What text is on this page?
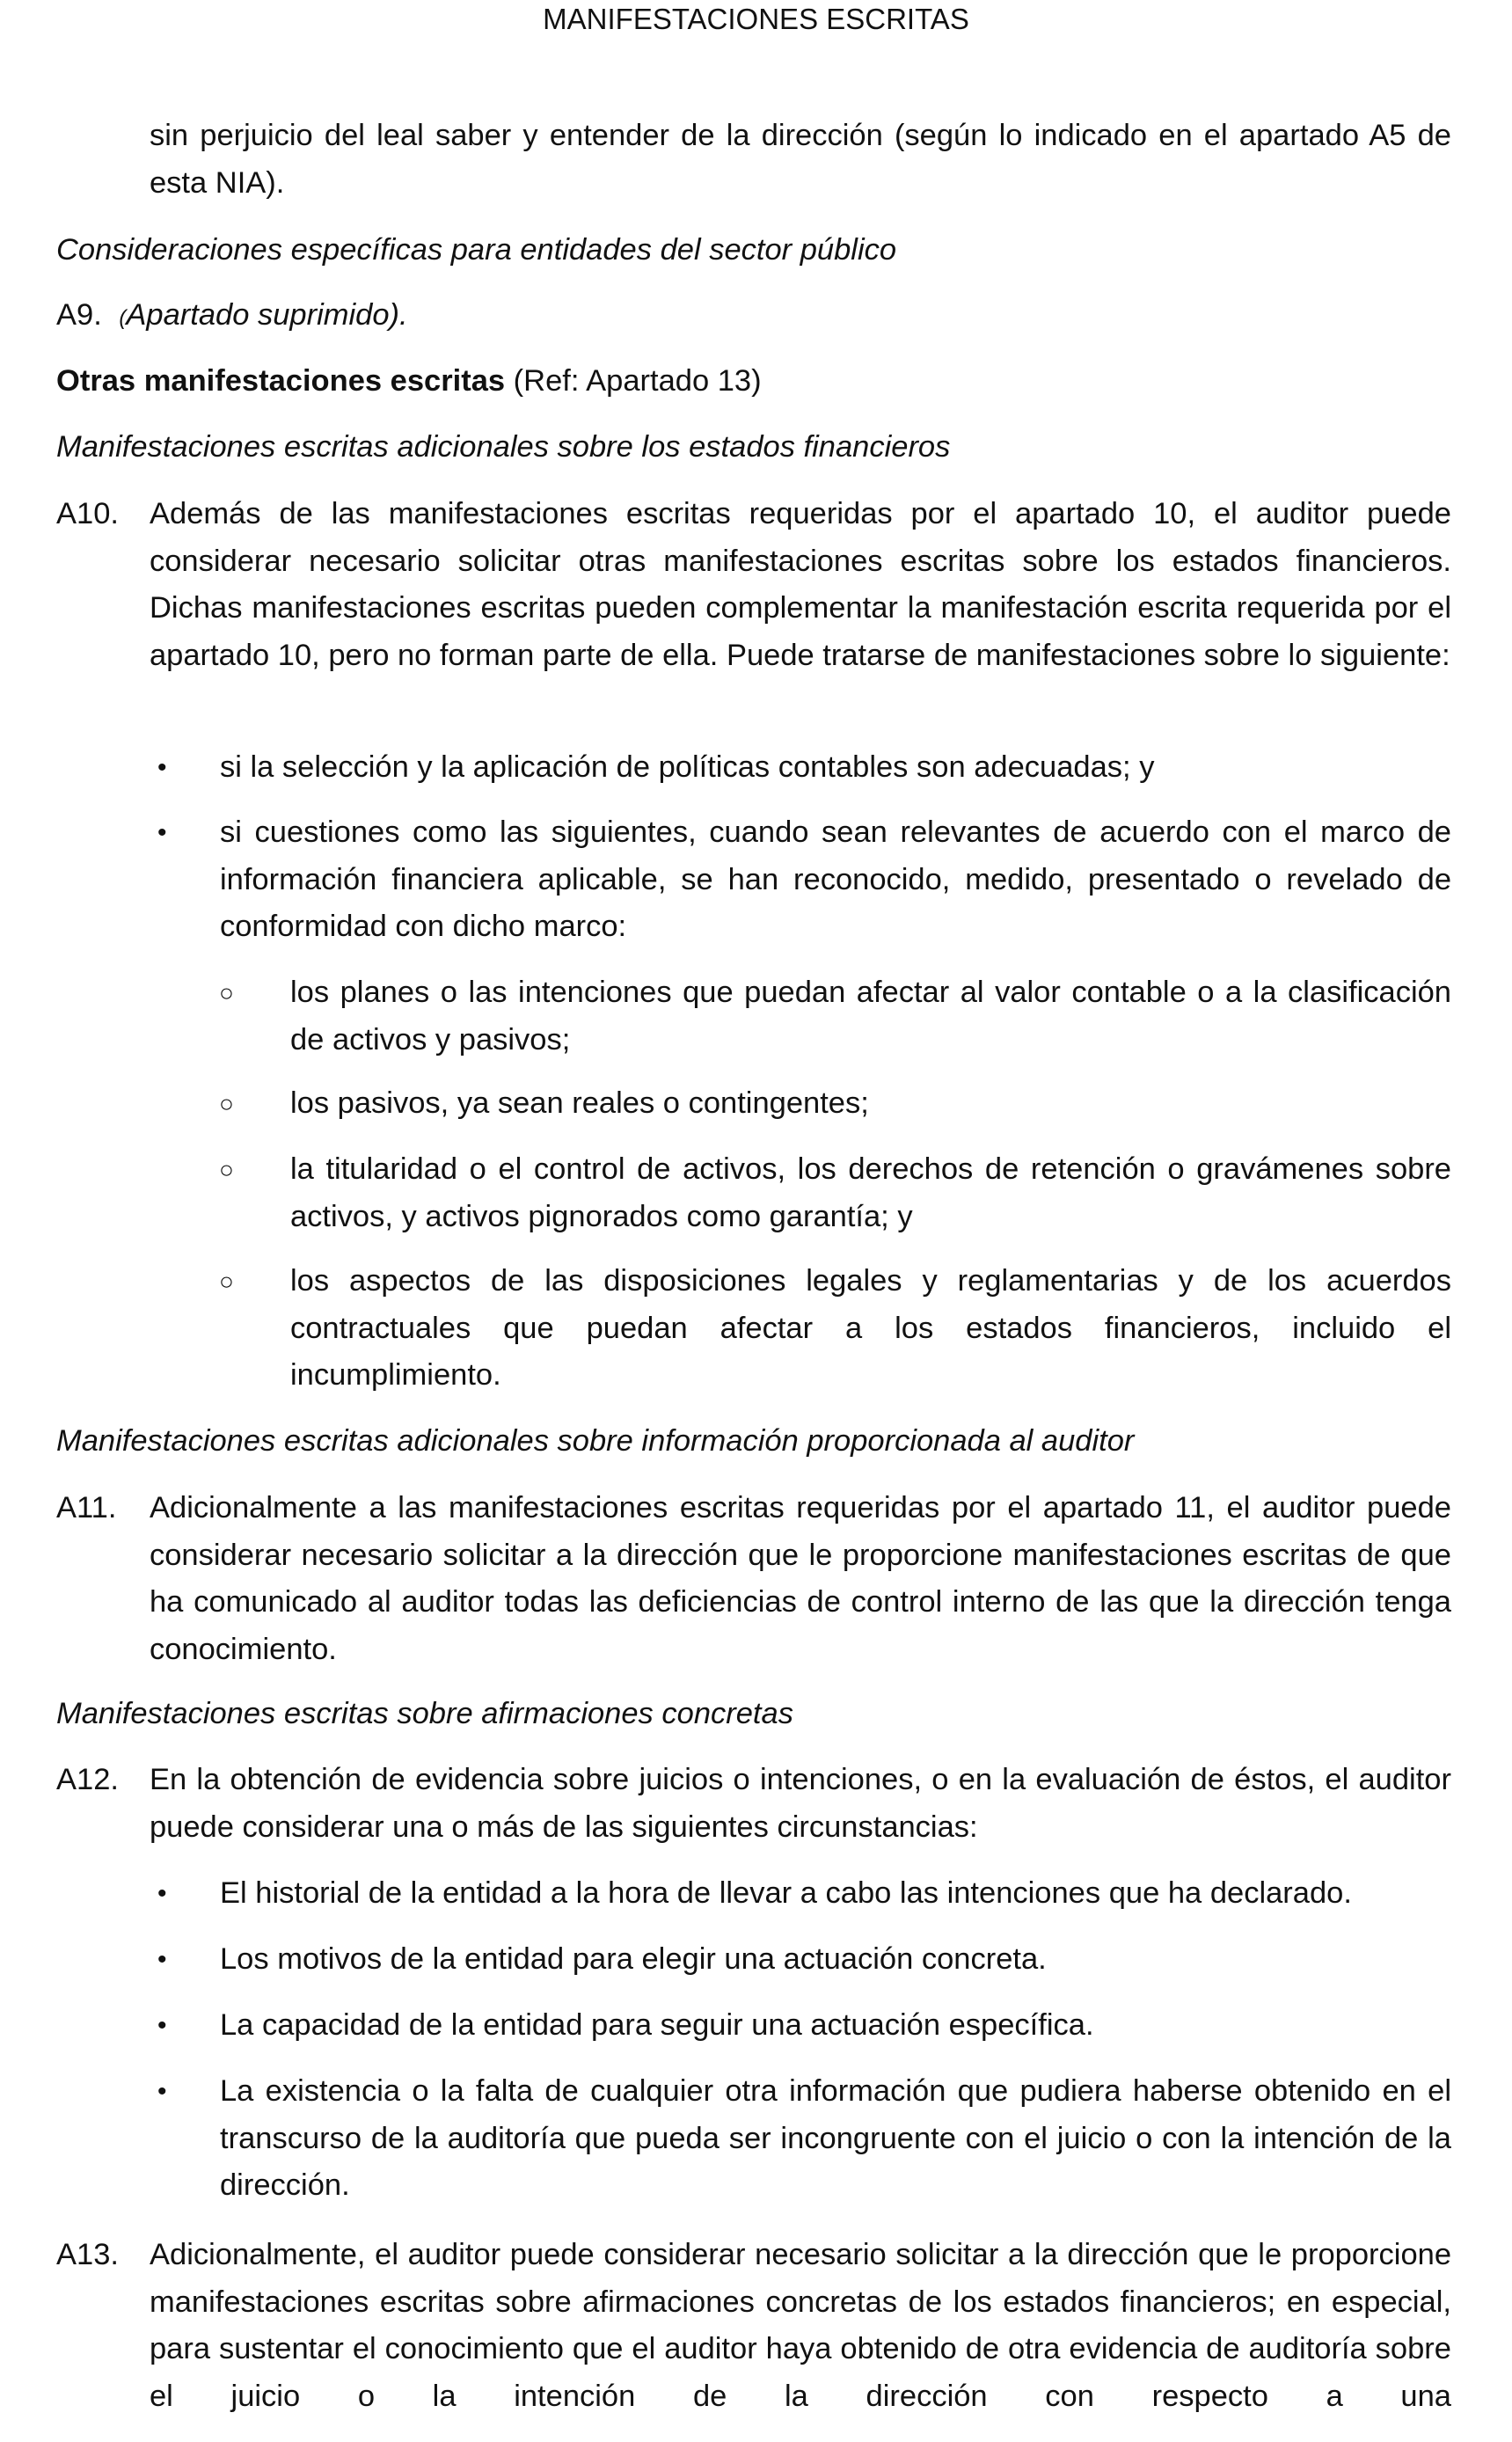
MANIFESTACIONES ESCRITAS
sin perjuicio del leal saber y entender de la dirección (según lo indicado en el apartado A5 de esta NIA).
Consideraciones específicas para entidades del sector público
A9. (Apartado suprimido).
Otras manifestaciones escritas (Ref: Apartado 13)
Manifestaciones escritas adicionales sobre los estados financieros
A10. Además de las manifestaciones escritas requeridas por el apartado 10, el auditor puede considerar necesario solicitar otras manifestaciones escritas sobre los estados financieros. Dichas manifestaciones escritas pueden complementar la manifestación escrita requerida por el apartado 10, pero no forman parte de ella. Puede tratarse de manifestaciones sobre lo siguiente:
• si la selección y la aplicación de políticas contables son adecuadas; y
• si cuestiones como las siguientes, cuando sean relevantes de acuerdo con el marco de información financiera aplicable, se han reconocido, medido, presentado o revelado de conformidad con dicho marco:
○ los planes o las intenciones que puedan afectar al valor contable o a la clasificación de activos y pasivos;
○ los pasivos, ya sean reales o contingentes;
○ la titularidad o el control de activos, los derechos de retención o gravámenes sobre activos, y activos pignorados como garantía; y
○ los aspectos de las disposiciones legales y reglamentarias y de los acuerdos contractuales que puedan afectar a los estados financieros, incluido el incumplimiento.
Manifestaciones escritas adicionales sobre información proporcionada al auditor
A11. Adicionalmente a las manifestaciones escritas requeridas por el apartado 11, el auditor puede considerar necesario solicitar a la dirección que le proporcione manifestaciones escritas de que ha comunicado al auditor todas las deficiencias de control interno de las que la dirección tenga conocimiento.
Manifestaciones escritas sobre afirmaciones concretas
A12. En la obtención de evidencia sobre juicios o intenciones, o en la evaluación de éstos, el auditor puede considerar una o más de las siguientes circunstancias:
• El historial de la entidad a la hora de llevar a cabo las intenciones que ha declarado.
• Los motivos de la entidad para elegir una actuación concreta.
• La capacidad de la entidad para seguir una actuación específica.
• La existencia o la falta de cualquier otra información que pudiera haberse obtenido en el transcurso de la auditoría que pueda ser incongruente con el juicio o con la intención de la dirección.
A13. Adicionalmente, el auditor puede considerar necesario solicitar a la dirección que le proporcione manifestaciones escritas sobre afirmaciones concretas de los estados financieros; en especial, para sustentar el conocimiento que el auditor haya obtenido de otra evidencia de auditoría sobre el juicio o la intención de la dirección con respecto a una
